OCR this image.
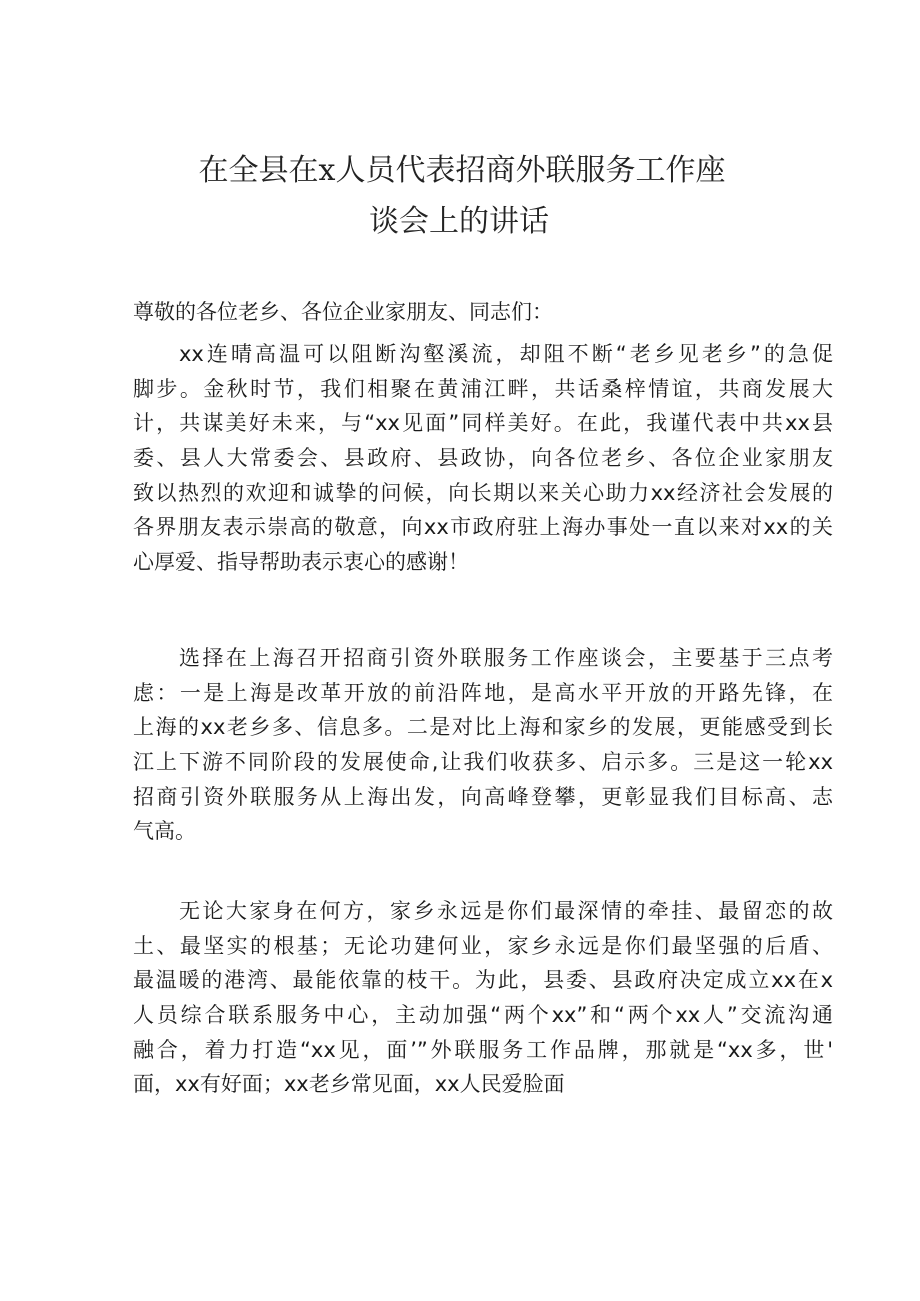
在全县在x人员代表招商外联服务工作座
谈会上的讲话
尊敬的各位老乡、各位企业家朋友、同志们：
xx连晴高温可以阻断沟壑溪流，却阻不断“老乡见老乡”的急促
脚步。金秋时节，我们相聚在黄浦江畔，共话桑梓情谊，共商发展大
计，共谋美好未来，与“xx见面”同样美好。在此，我谨代表中共xx县
委、县人大常委会、县政府、县政协，向各位老乡、各位企业家朋友
致以热烈的欢迎和诚挚的问候，向长期以来关心助力xx经济社会发展的
各界朋友表示崇高的敬意，向xx市政府驻上海办事处一直以来对xx的关
心厚爱、指导帮助表示衷心的感谢！
选择在上海召开招商引资外联服务工作座谈会，主要基于三点考
虑：一是上海是改革开放的前沿阵地，是高水平开放的开路先锋，在
上海的xx老乡多、信息多。二是对比上海和家乡的发展，更能感受到长
江上下游不同阶段的发展使命,让我们收获多、启示多。三是这一轮xx
招商引资外联服务从上海出发，向高峰登攀，更彰显我们目标高、志
气高。
无论大家身在何方，家乡永远是你们最深情的牵挂、最留恋的故
土、最坚实的根基；无论功建何业，家乡永远是你们最坚强的后盾、
最温暖的港湾、最能依靠的枝干。为此，县委、县政府决定成立xx在x
人员综合联系服务中心，主动加强“两个xx”和“两个xx人”交流沟通
融合，着力打造“xx见，面’”外联服务工作品牌，那就是“xx多，世'
面，xx有好面；xx老乡常见面，xx人民爱脸面
